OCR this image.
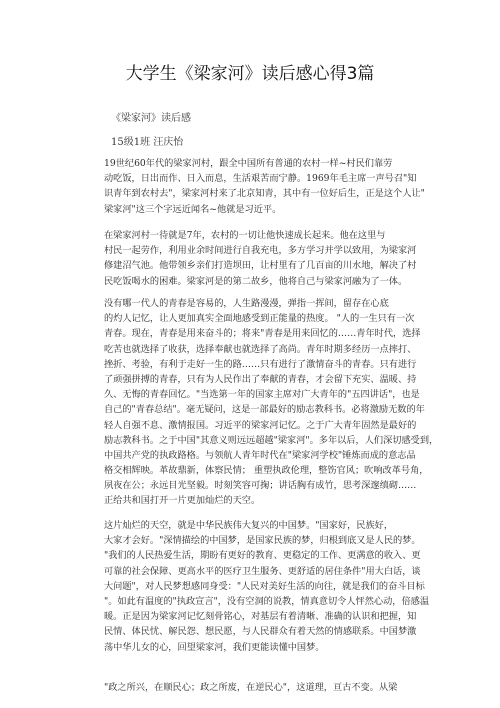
大学生《梁家河》读后感心得3篇
《梁家河》读后感
15级1班 汪庆怡
19世纪60年代的梁家河村，跟全中国所有普通的农村一样~村民们靠劳
动吃饭，日出而作、日入而息，生活艰苦而宁静。1969年毛主席一声号召"知
识青年到农村去"，梁家河村来了北京知青，其中有一位好后生，正是这个人让"
梁家河"这三个字远近闻名~他就是习近平。
在梁家河村一待就是7年，农村的一切让他快速成长起来。他在这里与
村民一起劳作，利用业余时间进行自我充电，多方学习并学以致用，为梁家河
修建沼气池。他带领乡亲们打造坝田，让村里有了几百亩的川水地，解决了村
民吃饭喝水的困难。梁家河是的第二故乡，他将自己与梁家河融为了一体。
没有哪一代人的青春是容易的，人生路漫漫，弹指一挥间，留存在心底
的灼人记忆，让人更加真实全面地感受到正能量的热度。 "人的一生只有一次
青春。现在，青春是用来奋斗的；将来"青春是用来回忆的……青年时代，选择
吃苦也就选择了收获，选择奉献也就选择了高尚。青年时期多经历一点摔打、
挫折、考验，有利于走好一生的路……只有进行了激情奋斗的青春。只有进行
了顽强拼搏的青春，只有为人民作出了奉献的青春，才会留下充实、温暖、持
久、无悔的青春回忆。"当选第一年的国家主席对广大青年的"五四讲话"，也是
自己的"青春总结"。毫无疑问，这是一部最好的励志教科书。必将激励无数的年
轻人自强不息、激情报国。习近平的梁家河记忆。之于广大青年固然是最好的
励志教科书。之于中国"其意义则远远超越"梁家河"。多年以后，人们深切感受到，
中国共产党的执政路格。与领航人青年时代在"梁家河学校"锤炼而成的意志品
格交相辉映。革故鼎新，体察民情； 重塑执政伦理，整饬官风；吹响改革号角，
夙夜在公；永远目光坚毅。时刻笑容可掬；讲话胸有成竹，思考深邃缜砌……
正给共和国打开一片更加灿烂的天空。
这片灿烂的天空，就是中华民族伟大复兴的中国梦。"国家好，民族好，
大家才会好。"深情描绘的中国梦，是国家民族的梦，归根到底又是人民的梦。
"我们的人民热爱生活，期盼有更好的教育、更稳定的工作、更满意的收入、更
可靠的社会保障、更高水平的医疗卫生服务、更舒适的居住条件"用大白话，谈
大问题"，对人民梦想感同身受："人民对美好生活的向往，就是我们的奋斗目标
"。如此有温度的"执政宣言"，没有空洞的说教，情真意切令人怦然心动，倍感温
暖。正是因为梁家河记忆刻骨铭心，对基层有着清晰、准确的认识和把握，知
民情、体民忧、解民怨、想民愿，与人民群众有着天然的情感联系。中国梦激
荡中华儿女的心，回望梁家河，我们更能读懂中国梦。
"政之所兴，在顺民心；政之所废，在逆民心"，这道理，亘古不变。从梁
